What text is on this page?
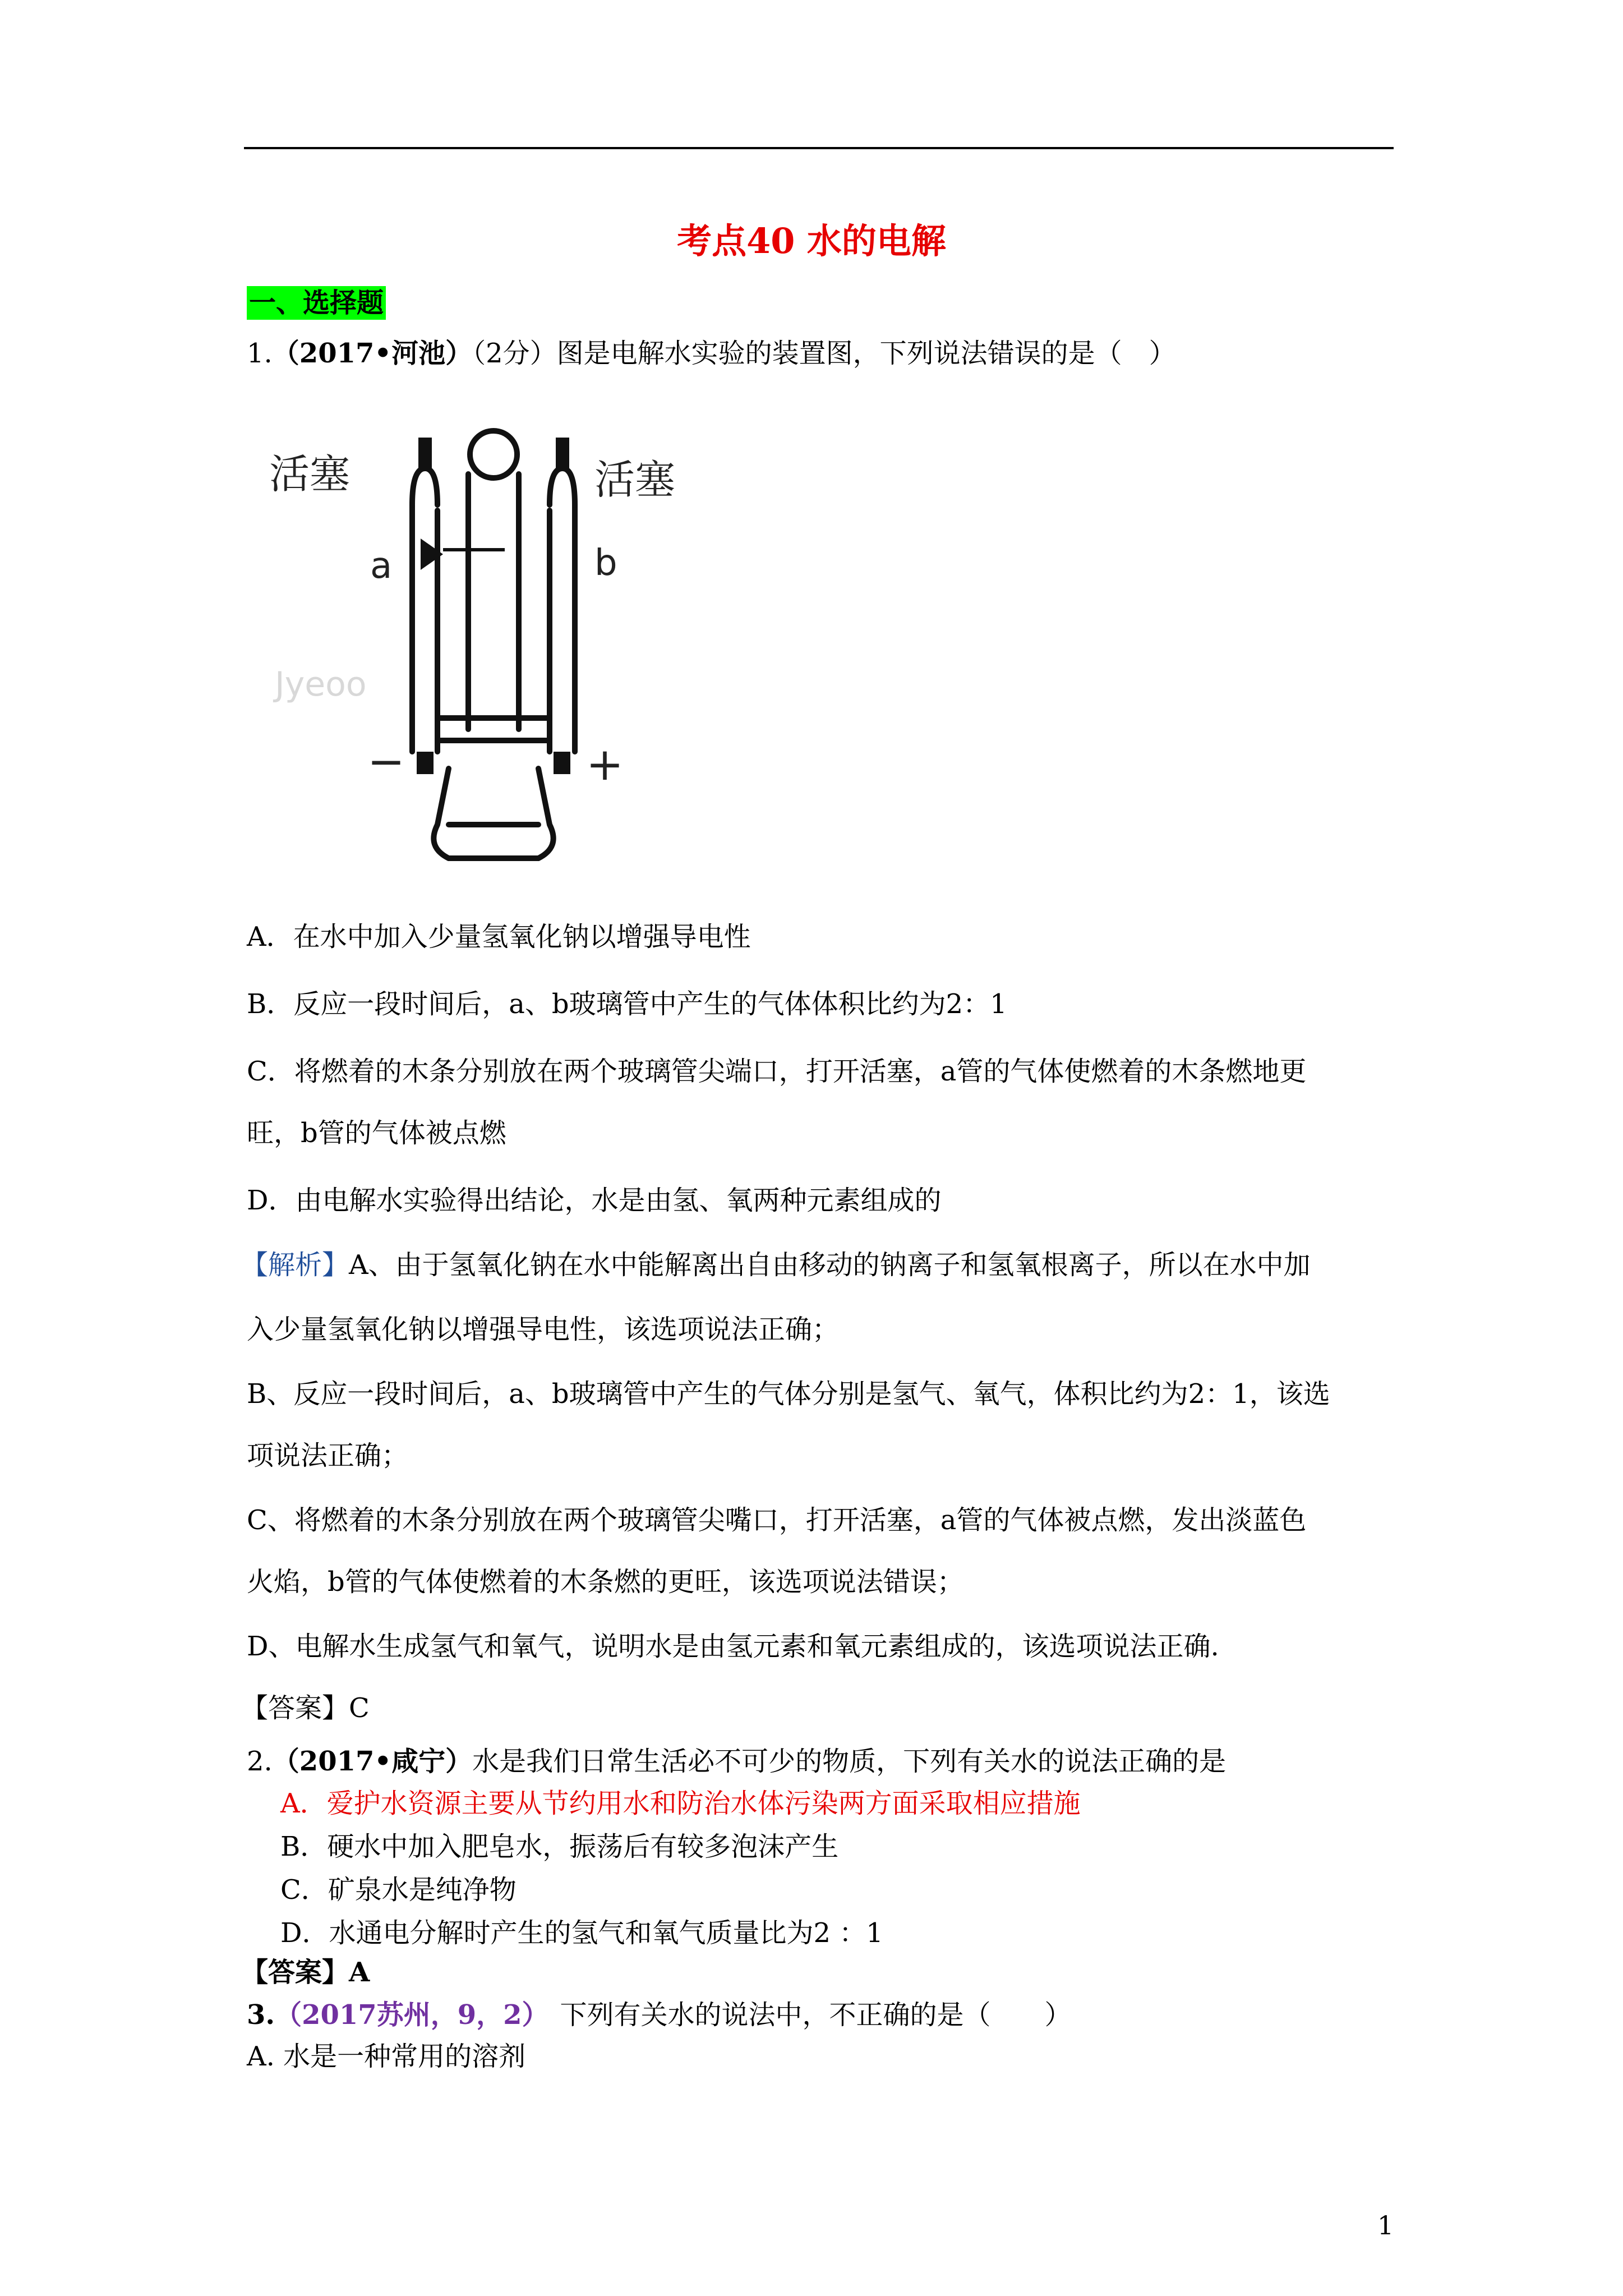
考点40 水的电解
一、选择题
1.（2017•河池）（2分）图是电解水实验的装置图，下列说法错误的是（　）
活塞	活塞
a	b
−	+
Jyeoo
A．在水中加入少量氢氧化钠以增强导电性
B．反应一段时间后，a、b玻璃管中产生的气体体积比约为2：1
C．将燃着的木条分别放在两个玻璃管尖端口，打开活塞，a管的气体使燃着的木条燃地更
旺，b管的气体被点燃
D．由电解水实验得出结论，水是由氢、氧两种元素组成的
【解析】A、由于氢氧化钠在水中能解离出自由移动的钠离子和氢氧根离子，所以在水中加
入少量氢氧化钠以增强导电性，该选项说法正确；
B、反应一段时间后，a、b玻璃管中产生的气体分别是氢气、氧气，体积比约为2：1，该选
项说法正确；
C、将燃着的木条分别放在两个玻璃管尖嘴口，打开活塞，a管的气体被点燃，发出淡蓝色
火焰，b管的气体使燃着的木条燃的更旺，该选项说法错误；
D、电解水生成氢气和氧气，说明水是由氢元素和氧元素组成的，该选项说法正确.
【答案】C
2.（2017•咸宁）水是我们日常生活必不可少的物质，下列有关水的说法正确的是
A．爱护水资源主要从节约用水和防治水体污染两方面采取相应措施
B．硬水中加入肥皂水，振荡后有较多泡沫产生
C．矿泉水是纯净物
D．水通电分解时产生的氢气和氧气质量比为2 ：1
【答案】A
3.（2017苏州，9，2） 下列有关水的说法中，不正确的是（　　）
A. 水是一种常用的溶剂
1
